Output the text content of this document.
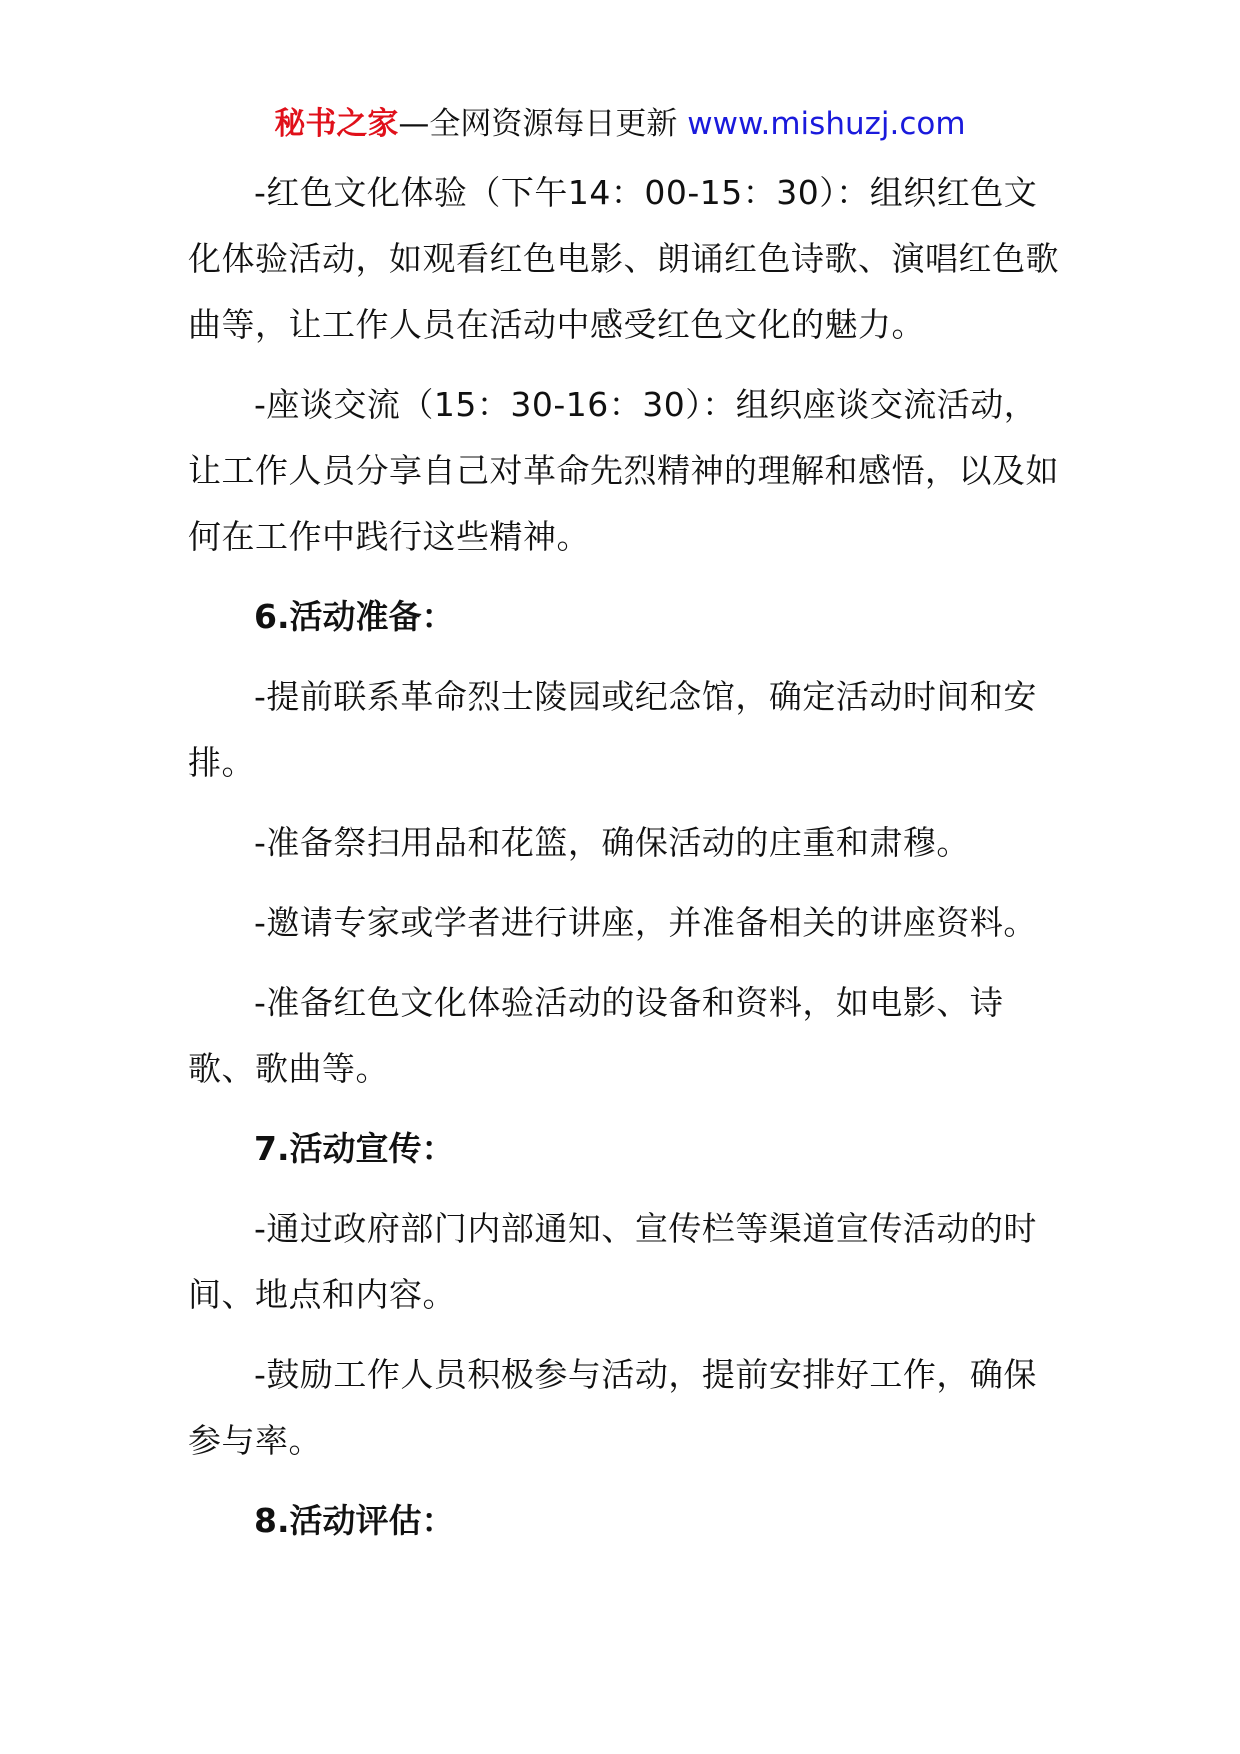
秘书之家—全网资源每日更新 www.mishuzj.com

-红色文化体验（下午14：00-15：30）：组织红色文化体验活动，如观看红色电影、朗诵红色诗歌、演唱红色歌曲等，让工作人员在活动中感受红色文化的魅力。

-座谈交流（15：30-16：30）：组织座谈交流活动，让工作人员分享自己对革命先烈精神的理解和感悟，以及如何在工作中践行这些精神。

6.活动准备：

-提前联系革命烈士陵园或纪念馆，确定活动时间和安排。

-准备祭扫用品和花篮，确保活动的庄重和肃穆。

-邀请专家或学者进行讲座，并准备相关的讲座资料。

-准备红色文化体验活动的设备和资料，如电影、诗歌、歌曲等。

7.活动宣传：

-通过政府部门内部通知、宣传栏等渠道宣传活动的时间、地点和内容。

-鼓励工作人员积极参与活动，提前安排好工作，确保参与率。

8.活动评估：
